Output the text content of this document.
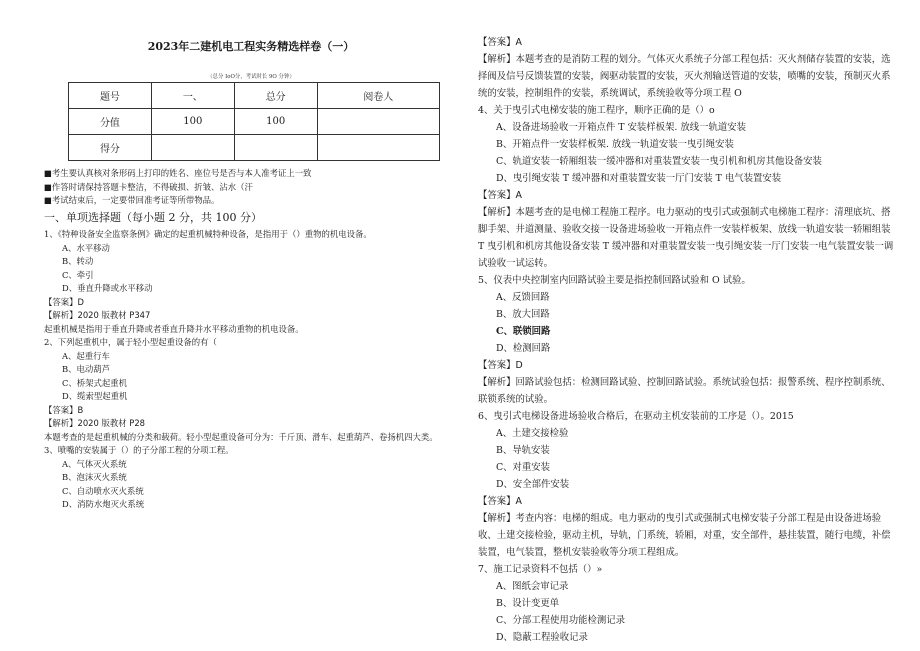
2023年二建机电工程实务精选样卷（一）
（总分 IoO分，考试时长 9O 分钟）
题号	一、	总分	阅卷人
分值	100	100	
得分			
■考生要认真核对条形码上打印的姓名、座位号是否与本人准考证上一致
■作答时请保持答题卡整洁，不得破损、折皱、沾水（汗
■考试结束后，一定要带回准考证等所带物品。
一、单项选择题（每小题 2 分，共 100 分）

1、《特种设备安全监察条例》确定的起重机械特种设备，是指用于（）重物的机电设备。

A、水平移动

B、转动

C、牵引

D、垂直升降或水平移动

【答案】D

【解析】2020 版教材 P347

起重机械是指用于垂直升降或者垂直升降并水平移动重物的机电设备。

2、下列起重机中，属于轻小型起重设备的有（

A、起重行车

B、电动葫芦

C、桥架式起重机

D、缆索型起重机

【答案】B

【解析】2020 版教材 P28

本题考查的是起重机械的分类和载荷。轻小型起重设备可分为：千斤顶、滑车、起重葫芦、卷扬机四大类。

3、喷嘴的安装属于（）的子分部工程的分项工程。

A、气体灭火系统

B、泡沫灭火系统

C、自动喷水灭火系统

D、消防水炮灭火系统

【答案】A

【解析】本题考查的是消防工程的划分。气体灭火系统子分部工程包括：灭火剂储存装置的安装，选择阀及信号反馈装置的安装，阀驱动装置的安装，灭火剂输送管道的安装，喷嘴的安装，预制灭火系统的安装，控制组件的安装，系统调试，系统验收等分项工程 O

4、关于曳引式电梯安装的施工程序，顺序正确的是（）o

A、设备进场验收一开箱点件 T 安装样板架. 放线一轨道安装

B、开箱点件一安装样板架. 放线一轨道安装一曳引绳安装

C、轨道安装一轿厢组装一缓冲器和对重装置安装一曳引机和机房其他设备安装

D、曳引绳安装 T 缓冲器和对重装置安装一厅门安装 T 电气装置安装

【答案】A

【解析】本题考查的是电梯工程施工程序。电力驱动的曳引式或强制式电梯施工程序：清理底坑、搭脚手架、井道测量、验收交接一设备进场验收一开箱点件一安装样板架、放线一轨道安装一轿厢组装 T 曳引机和机房其他设备安装 T 缓冲器和对重装置安装一曳引绳安装一厅门安装一电气装置安装一调试验收一试运转。

5、仪表中央控制室内回路试验主要是指控制回路试验和 O 试验。

A、反馈回路

B、放大回路

C、联锁回路

D、检测回路

【答案】D

【解析】回路试验包括：检测回路试验、控制回路试验。系统试验包括：报警系统、程序控制系统、联锁系统的试验。

6、曳引式电梯设备进场验收合格后，在驱动主机安装前的工序是（）。2015

A、土建交接检验

B、导轨安装

C、对重安装

D、安全部件安装

【答案】A

【解析】考查内容：电梯的组成。电力驱动的曳引式或强制式电梯安装子分部工程是由设备进场验收、土建交接检验，驱动主机，导轨，门系统，轿厢，对重，安全部件，悬挂装置，随行电缆，补偿装置，电气装置，整机安装验收等分项工程组成。

7、施工记录资料不包括（）»

A、图纸会审记录

B、设计变更单

C、分部工程使用功能检测记录

D、隐蔽工程验收记录
